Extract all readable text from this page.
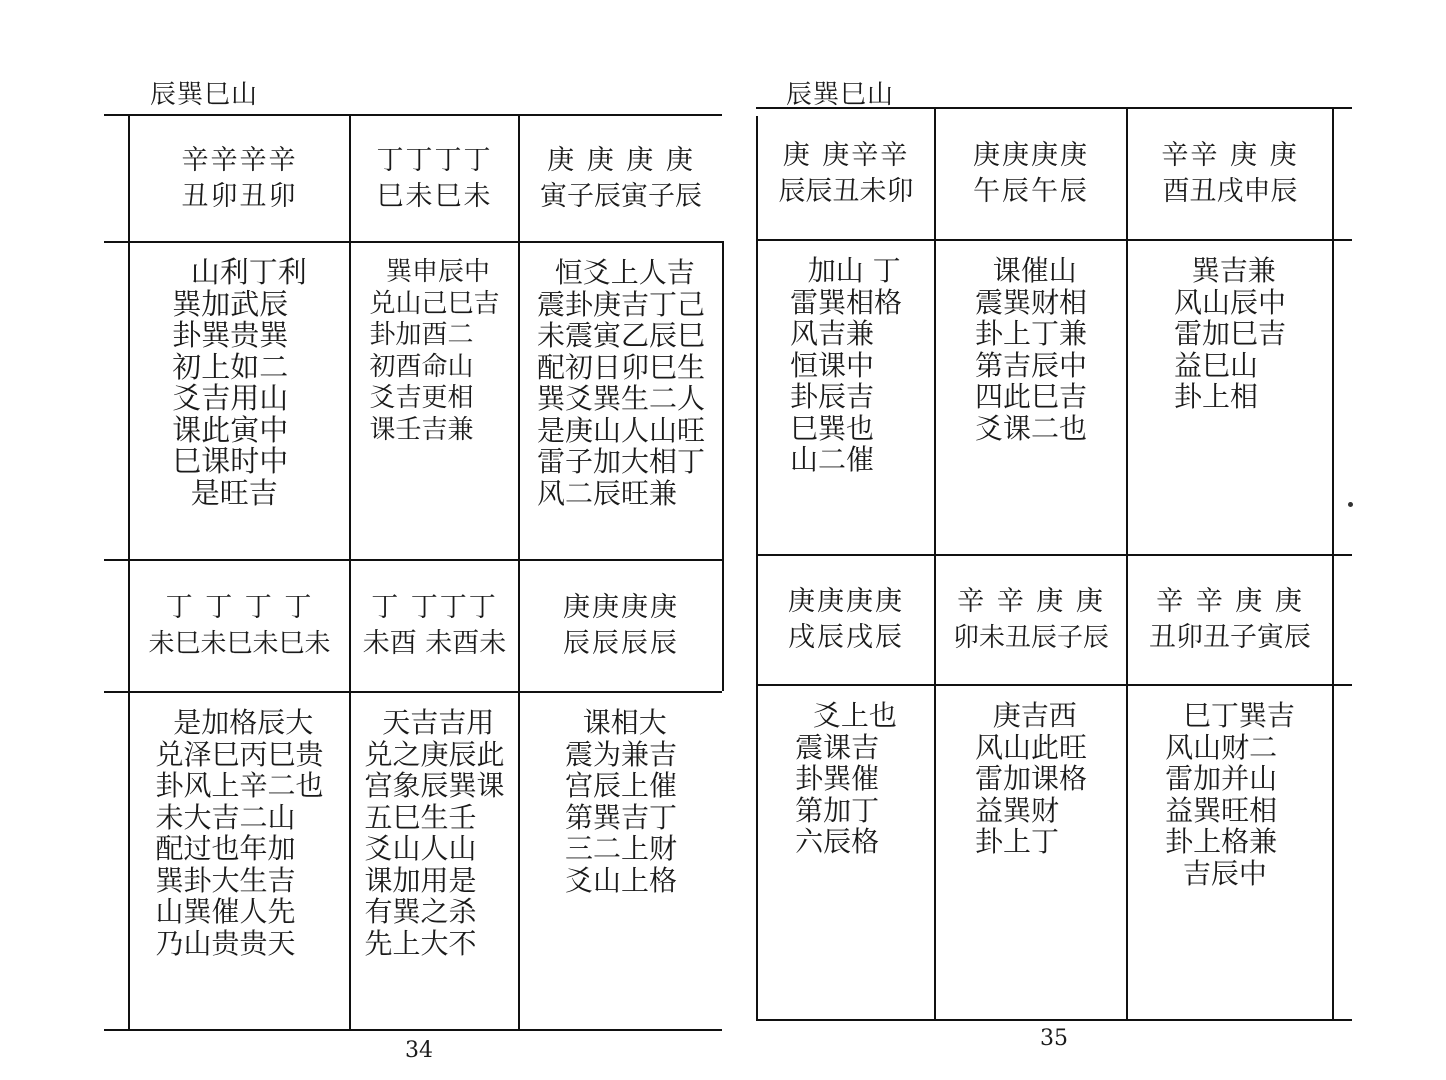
辰巽巳山
辛辛辛辛
丑卯丑卯
丁丁丁丁
巳未巳未
庚 庚 庚 庚
寅子辰寅子辰
山利丁利
巽加武辰
卦巽贵巽
初上如二
爻吉用山
课此寅中
巳课时中
是旺吉
巽申辰中
兑山己巳吉
卦加酉二
初酉命山
爻吉更相
课壬吉兼
恒爻上人吉
震卦庚吉丁己
未震寅乙辰巳
配初日卯巳生
巽爻巽生二人
是庚山人山旺
雷子加大相丁
风二辰旺兼
丁 丁 丁 丁
未巳未巳未巳未
丁 丁丁丁
未酉 未酉未
庚庚庚庚
辰辰辰辰
是加格辰大
兑泽巳丙巳贵
卦风上辛二也
未大吉二山
配过也年加
巽卦大生吉
山巽催人先
乃山贵贵天
天吉吉用
兑之庚辰此
宫象辰巽课
五巳生壬
爻山人山
课加用是
有巽之杀
先上大不
课相大
震为兼吉
宫辰上催
第巽吉丁
三二上财
爻山上格
34
辰巽巳山
庚 庚辛辛
辰辰丑未卯
庚庚庚庚
午辰午辰
辛辛 庚 庚
酉丑戌申辰
加山 丁
雷巽相格
风吉兼
恒课中
卦辰吉
巳巽也
山二催
课催山
震巽财相
卦上丁兼
第吉辰中
四此巳吉
爻课二也
巽吉兼
风山辰中
雷加巳吉
益巳山
卦上相
庚庚庚庚
戌辰戌辰
辛 辛 庚 庚
卯未丑辰子辰
辛 辛 庚 庚
丑卯丑子寅辰
爻上也
震课吉
卦巽催
第加丁
六辰格
庚吉西
风山此旺
雷加课格
益巽财
卦上丁
巳丁巽吉
风山财二
雷加并山
益巽旺相
卦上格兼
吉辰中
35
